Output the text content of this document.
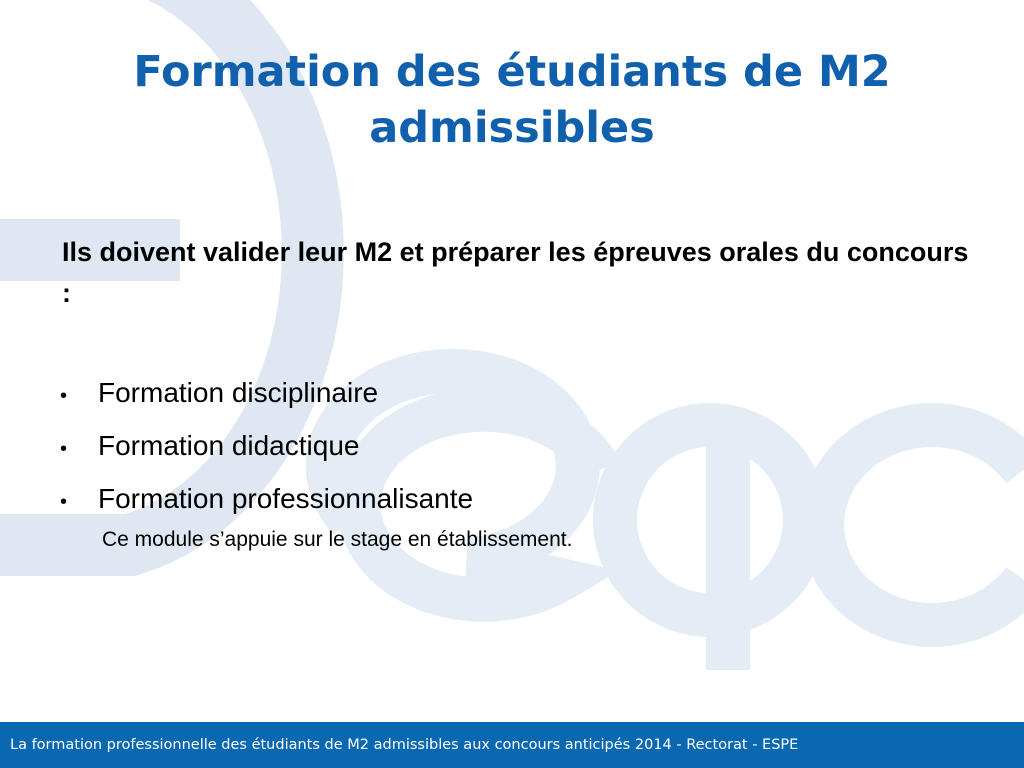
Formation des étudiants de M2 admissibles

Ils doivent valider leur M2 et préparer les épreuves orales du concours :

•	Formation disciplinaire
•	Formation didactique
•	Formation professionnalisante

Ce module s’appuie sur le stage en établissement.

La formation professionnelle des étudiants de M2 admissibles aux concours anticipés 2014 - Rectorat - ESPE
